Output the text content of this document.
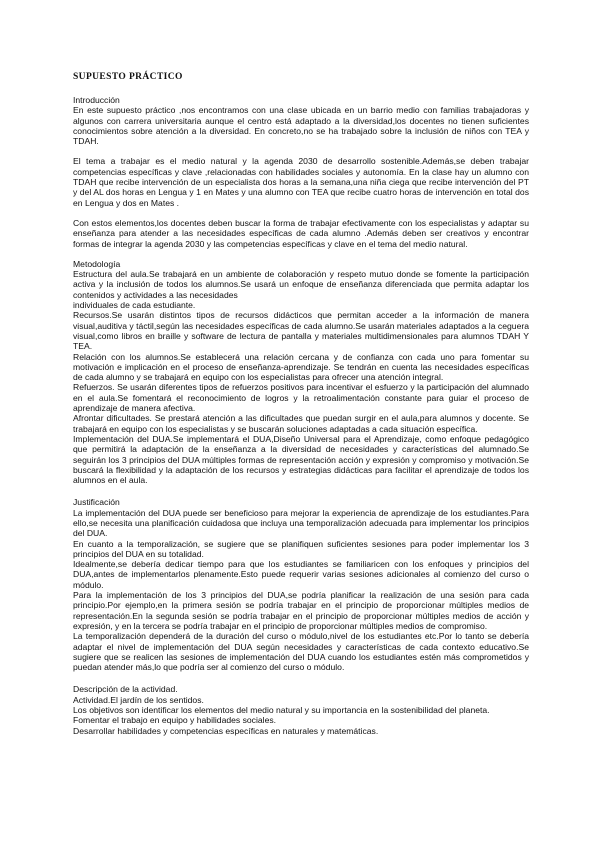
SUPUESTO PRÁCTICO

Introducción

En este supuesto práctico ,nos encontramos con una clase ubicada en un barrio medio con familias trabajadoras y algunos con carrera universitaria aunque el centro está adaptado a la diversidad,los docentes no tienen suficientes conocimientos sobre atención a la diversidad. En concreto,no se ha trabajado sobre la inclusión de niños con TEA y TDAH.

El tema a trabajar es el medio natural y la agenda 2030 de desarrollo sostenible.Además,se deben trabajar competencias específicas y clave ,relacionadas con habilidades sociales y autonomía. En la clase hay un alumno con TDAH que recibe intervención de un especialista dos horas a la semana,una niña ciega que recibe intervención del PT y del AL dos horas en Lengua y 1 en Mates y una alumno con TEA que recibe cuatro horas de intervención en total dos en Lengua y dos en Mates .

Con estos elementos,los docentes deben buscar la forma de trabajar efectivamente con los especialistas y adaptar su enseñanza para atender a las necesidades específicas de cada alumno .Además deben ser creativos y encontrar formas de integrar la agenda 2030 y las competencias específicas y clave en el tema del medio natural.

Metodología

Estructura del aula.Se trabajará en un ambiente de colaboración y respeto mutuo donde se fomente la participación activa y la inclusión de todos los alumnos.Se usará un enfoque de enseñanza diferenciada que permita adaptar los contenidos y actividades a las necesidades

individuales de cada estudiante.

Recursos.Se usarán distintos tipos de recursos didácticos que permitan acceder a la información de manera visual,auditiva y táctil,según las necesidades específicas de cada alumno.Se usarán materiales adaptados a la ceguera visual,como libros en braille y software de lectura de pantalla y materiales multidimensionales para alumnos TDAH Y TEA.

Relación con los alumnos.Se establecerá una relación cercana y de confianza con cada uno para fomentar su motivación e implicación en el proceso de enseñanza-aprendizaje. Se tendrán en cuenta las necesidades específicas de cada alumno y se trabajará en equipo con los especialistas para ofrecer una atención integral.

Refuerzos. Se usarán diferentes tipos de refuerzos positivos para incentivar el esfuerzo y la participación del alumnado en el aula.Se fomentará el reconocimiento de logros y la retroalimentación constante para guiar el proceso de aprendizaje de manera afectiva.

Afrontar dificultades. Se prestará atención a las dificultades que puedan surgir en el aula,para alumnos y docente. Se trabajará en equipo con los especialistas y se buscarán soluciones adaptadas a cada situación específica.

Implementación del DUA.Se implementará el DUA,Diseño Universal para el Aprendizaje, como enfoque pedagógico que permitirá la adaptación de la enseñanza a la diversidad de necesidades y características del alumnado.Se seguirán los 3 principios del DUA múltiples formas de representación acción y expresión y compromiso y motivación.Se buscará la flexibilidad y la adaptación de los recursos y estrategias didácticas para facilitar el aprendizaje de todos los alumnos en el aula.

Justificación

La implementación del DUA puede ser beneficioso para mejorar la experiencia de aprendizaje de los estudiantes.Para ello,se necesita una planificación cuidadosa que incluya una temporalización adecuada para implementar los principios del DUA.

En cuanto a la temporalización, se sugiere que se planifiquen suficientes sesiones para poder implementar los 3 principios del DUA en su totalidad.

Idealmente,se debería dedicar tiempo para que los estudiantes se familiaricen con los enfoques y principios del DUA,antes de implementarlos plenamente.Esto puede requerir varias sesiones adicionales al comienzo del curso o módulo.

Para la implementación de los 3 principios del DUA,se podría planificar la realización de una sesión para cada principio.Por ejemplo,en la primera sesión se podría trabajar en el principio de proporcionar múltiples medios de representación.En la segunda sesión se podría trabajar en el principio de proporcionar múltiples medios de acción y expresión, y en la tercera se podría trabajar en el principio de proporcionar múltiples medios de compromiso.

La temporalización dependerá de la duración del curso o módulo,nivel de los estudiantes etc.Por lo tanto se debería adaptar el nivel de implementación del DUA según necesidades y características de cada contexto educativo.Se sugiere que se realicen las sesiones de implementación del DUA cuando los estudiantes estén más comprometidos y puedan atender más,lo que podría ser al comienzo del curso o módulo.

Descripción de la actividad.

Actividad.El jardín de los sentidos.

Los objetivos son identificar los elementos del medio natural y su importancia en la sostenibilidad del planeta.

Fomentar el trabajo en equipo y habilidades sociales.

Desarrollar habilidades y competencias específicas en naturales y matemáticas.
